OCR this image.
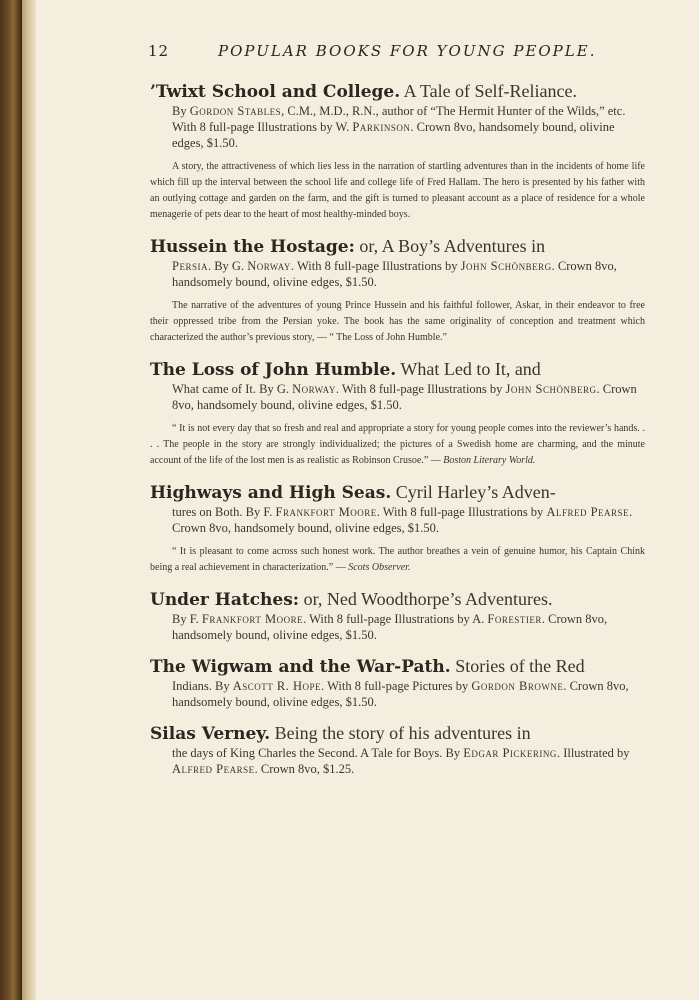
12	POPULAR BOOKS FOR YOUNG PEOPLE.

’Twixt School and College. A Tale of Self-Reliance.

By Gordon Stables, C.M., M.D., R.N., author of “The Hermit Hunter of the Wilds,” etc. With 8 full-page Illustrations by W. Parkinson. Crown 8vo, handsomely bound, olivine edges, $1.50.

A story, the attractiveness of which lies less in the narration of startling adventures than in the incidents of home life which fill up the interval between the school life and college life of Fred Hallam. The hero is presented by his father with an outlying cottage and garden on the farm, and the gift is turned to pleasant account as a place of residence for a whole menagerie of pets dear to the heart of most healthy-minded boys.

Hussein the Hostage: or, A Boy’s Adventures in

Persia. By G. Norway. With 8 full-page Illustrations by John Schönberg. Crown 8vo, handsomely bound, olivine edges, $1.50.

The narrative of the adventures of young Prince Hussein and his faithful follower, Askar, in their endeavor to free their oppressed tribe from the Persian yoke. The book has the same originality of conception and treatment which characterized the author’s previous story, — “ The Loss of John Humble.”

The Loss of John Humble. What Led to It, and

What came of It. By G. Norway. With 8 full-page Illustrations by John Schönberg. Crown 8vo, handsomely bound, olivine edges, $1.50.

“ It is not every day that so fresh and real and appropriate a story for young people comes into the reviewer’s hands. . . . The people in the story are strongly individualized; the pictures of a Swedish home are charming, and the minute account of the life of the lost men is as realistic as Robinson Crusoe.” — Boston Literary World.

Highways and High Seas. Cyril Harley’s Adven-

tures on Both. By F. Frankfort Moore. With 8 full-page Illustrations by Alfred Pearse. Crown 8vo, handsomely bound, olivine edges, $1.50.

“ It is pleasant to come across such honest work. The author breathes a vein of genuine humor, his Captain Chink being a real achievement in characterization.” — Scots Observer.

Under Hatches: or, Ned Woodthorpe’s Adventures.

By F. Frankfort Moore. With 8 full-page Illustrations by A. Forestier. Crown 8vo, handsomely bound, olivine edges, $1.50.

The Wigwam and the War-Path. Stories of the Red

Indians. By Ascott R. Hope. With 8 full-page Pictures by Gordon Browne. Crown 8vo, handsomely bound, olivine edges, $1.50.

Silas Verney. Being the story of his adventures in

the days of King Charles the Second. A Tale for Boys. By Edgar Pickering. Illustrated by Alfred Pearse. Crown 8vo, $1.25.
